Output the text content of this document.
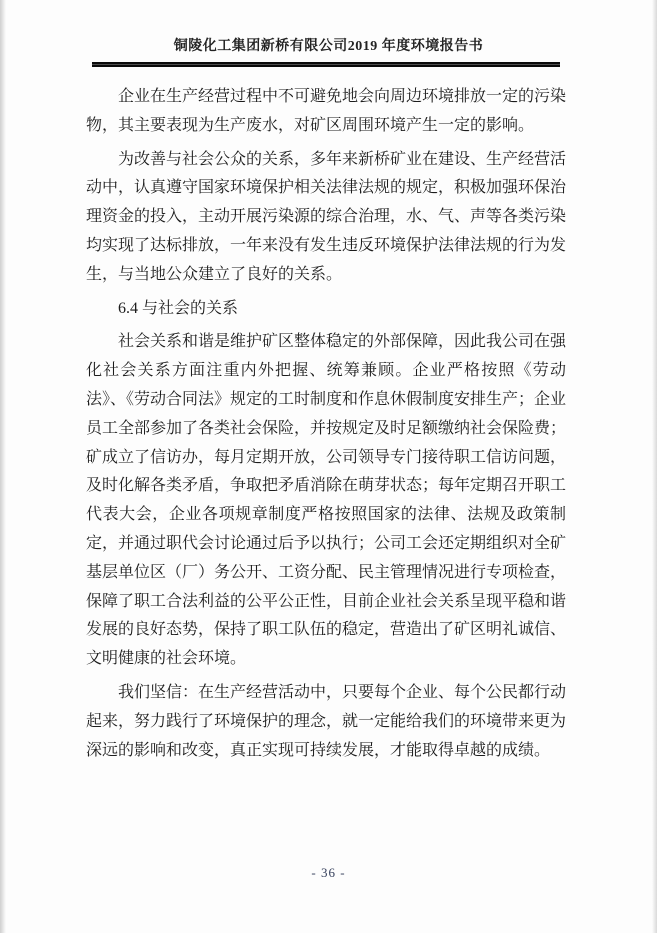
铜陵化工集团新桥有限公司2019 年度环境报告书

企业在生产经营过程中不可避免地会向周边环境排放一定的污染物，其主要表现为生产废水，对矿区周围环境产生一定的影响。

为改善与社会公众的关系，多年来新桥矿业在建设、生产经营活动中，认真遵守国家环境保护相关法律法规的规定，积极加强环保治理资金的投入，主动开展污染源的综合治理，水、气、声等各类污染均实现了达标排放，一年来没有发生违反环境保护法律法规的行为发生，与当地公众建立了良好的关系。

6.4 与社会的关系

社会关系和谐是维护矿区整体稳定的外部保障，因此我公司在强化社会关系方面注重内外把握、统筹兼顾。企业严格按照《劳动法》、《劳动合同法》规定的工时制度和作息休假制度安排生产；企业员工全部参加了各类社会保险，并按规定及时足额缴纳社会保险费；矿成立了信访办，每月定期开放，公司领导专门接待职工信访问题，及时化解各类矛盾，争取把矛盾消除在萌芽状态；每年定期召开职工代表大会，企业各项规章制度严格按照国家的法律、法规及政策制定，并通过职代会讨论通过后予以执行；公司工会还定期组织对全矿基层单位区（厂）务公开、工资分配、民主管理情况进行专项检查，保障了职工合法利益的公平公正性，目前企业社会关系呈现平稳和谐发展的良好态势，保持了职工队伍的稳定，营造出了矿区明礼诚信、文明健康的社会环境。

我们坚信：在生产经营活动中，只要每个企业、每个公民都行动起来，努力践行了环境保护的理念，就一定能给我们的环境带来更为深远的影响和改变，真正实现可持续发展，才能取得卓越的成绩。

- 36 -
